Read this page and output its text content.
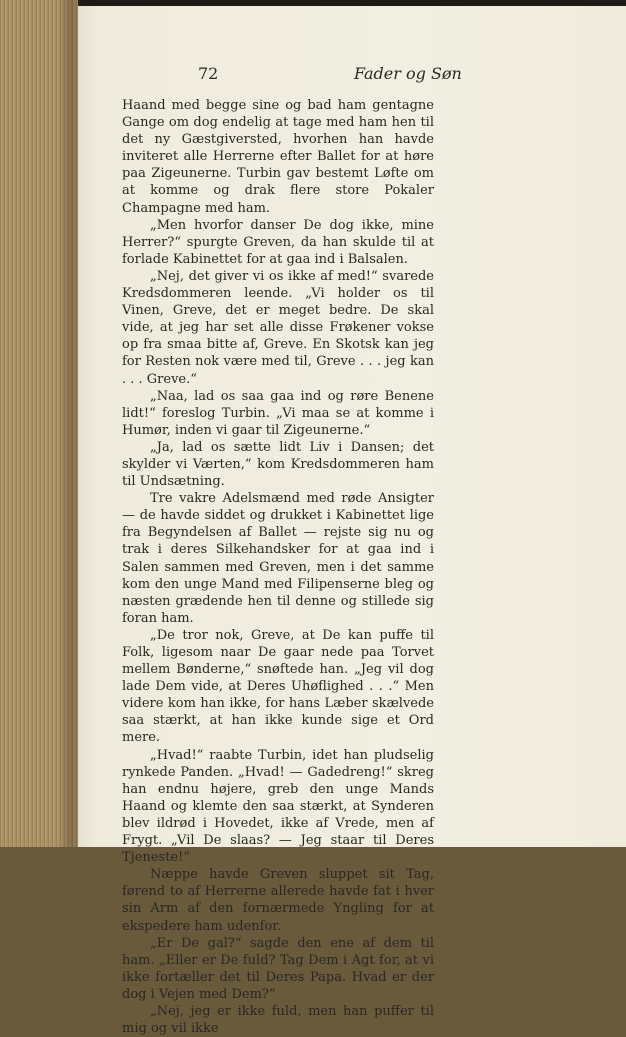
72	Fader og Søn

Haand med begge sine og bad ham gentagne Gange om dog endelig at tage med ham hen til det ny Gæstgiversted, hvorhen han havde inviteret alle Herrerne efter Ballet for at høre paa Zigeunerne. Turbin gav bestemt Løfte om at komme og drak flere store Pokaler Champagne med ham.

„Men hvorfor danser De dog ikke, mine Herrer?“ spurgte Greven, da han skulde til at forlade Kabinettet for at gaa ind i Balsalen.

„Nej, det giver vi os ikke af med!“ svarede Kredsdommeren leende. „Vi holder os til Vinen, Greve, det er meget bedre. De skal vide, at jeg har set alle disse Frøkener vokse op fra smaa bitte af, Greve. En Skotsk kan jeg for Resten nok være med til, Greve . . . jeg kan . . . Greve.“

„Naa, lad os saa gaa ind og røre Benene lidt!“ foreslog Turbin. „Vi maa se at komme i Humør, inden vi gaar til Zigeunerne.“

„Ja, lad os sætte lidt Liv i Dansen; det skylder vi Værten,“ kom Kredsdommeren ham til Undsætning.

Tre vakre Adelsmænd med røde Ansigter — de havde siddet og drukket i Kabinettet lige fra Begyndelsen af Ballet — rejste sig nu og trak i deres Silkehandsker for at gaa ind i Salen sammen med Greven, men i det samme kom den unge Mand med Filipenserne bleg og næsten grædende hen til denne og stillede sig foran ham.

„De tror nok, Greve, at De kan puffe til Folk, ligesom naar De gaar nede paa Torvet mellem Bønderne,“ snøftede han. „Jeg vil dog lade Dem vide, at Deres Uhøflighed . . .“ Men videre kom han ikke, for hans Læber skælvede saa stærkt, at han ikke kunde sige et Ord mere.

„Hvad!“ raabte Turbin, idet han pludselig rynkede Panden. „Hvad! — Gadedreng!“ skreg han endnu højere, greb den unge Mands Haand og klemte den saa stærkt, at Synderen blev ildrød i Hovedet, ikke af Vrede, men af Frygt. „Vil De slaas? — Jeg staar til Deres Tjeneste!“

Næppe havde Greven sluppet sit Tag, førend to af Herrerne allerede havde fat i hver sin Arm af den fornærmede Yngling for at ekspedere ham udenfor.

„Er De gal?“ sagde den ene af dem til ham. „Eller er De fuld? Tag Dem i Agt for, at vi ikke fortæller det til Deres Papa. Hvad er der dog i Vejen med Dem?“

„Nej, jeg er ikke fuld, men han puffer til mig og vil ikke
